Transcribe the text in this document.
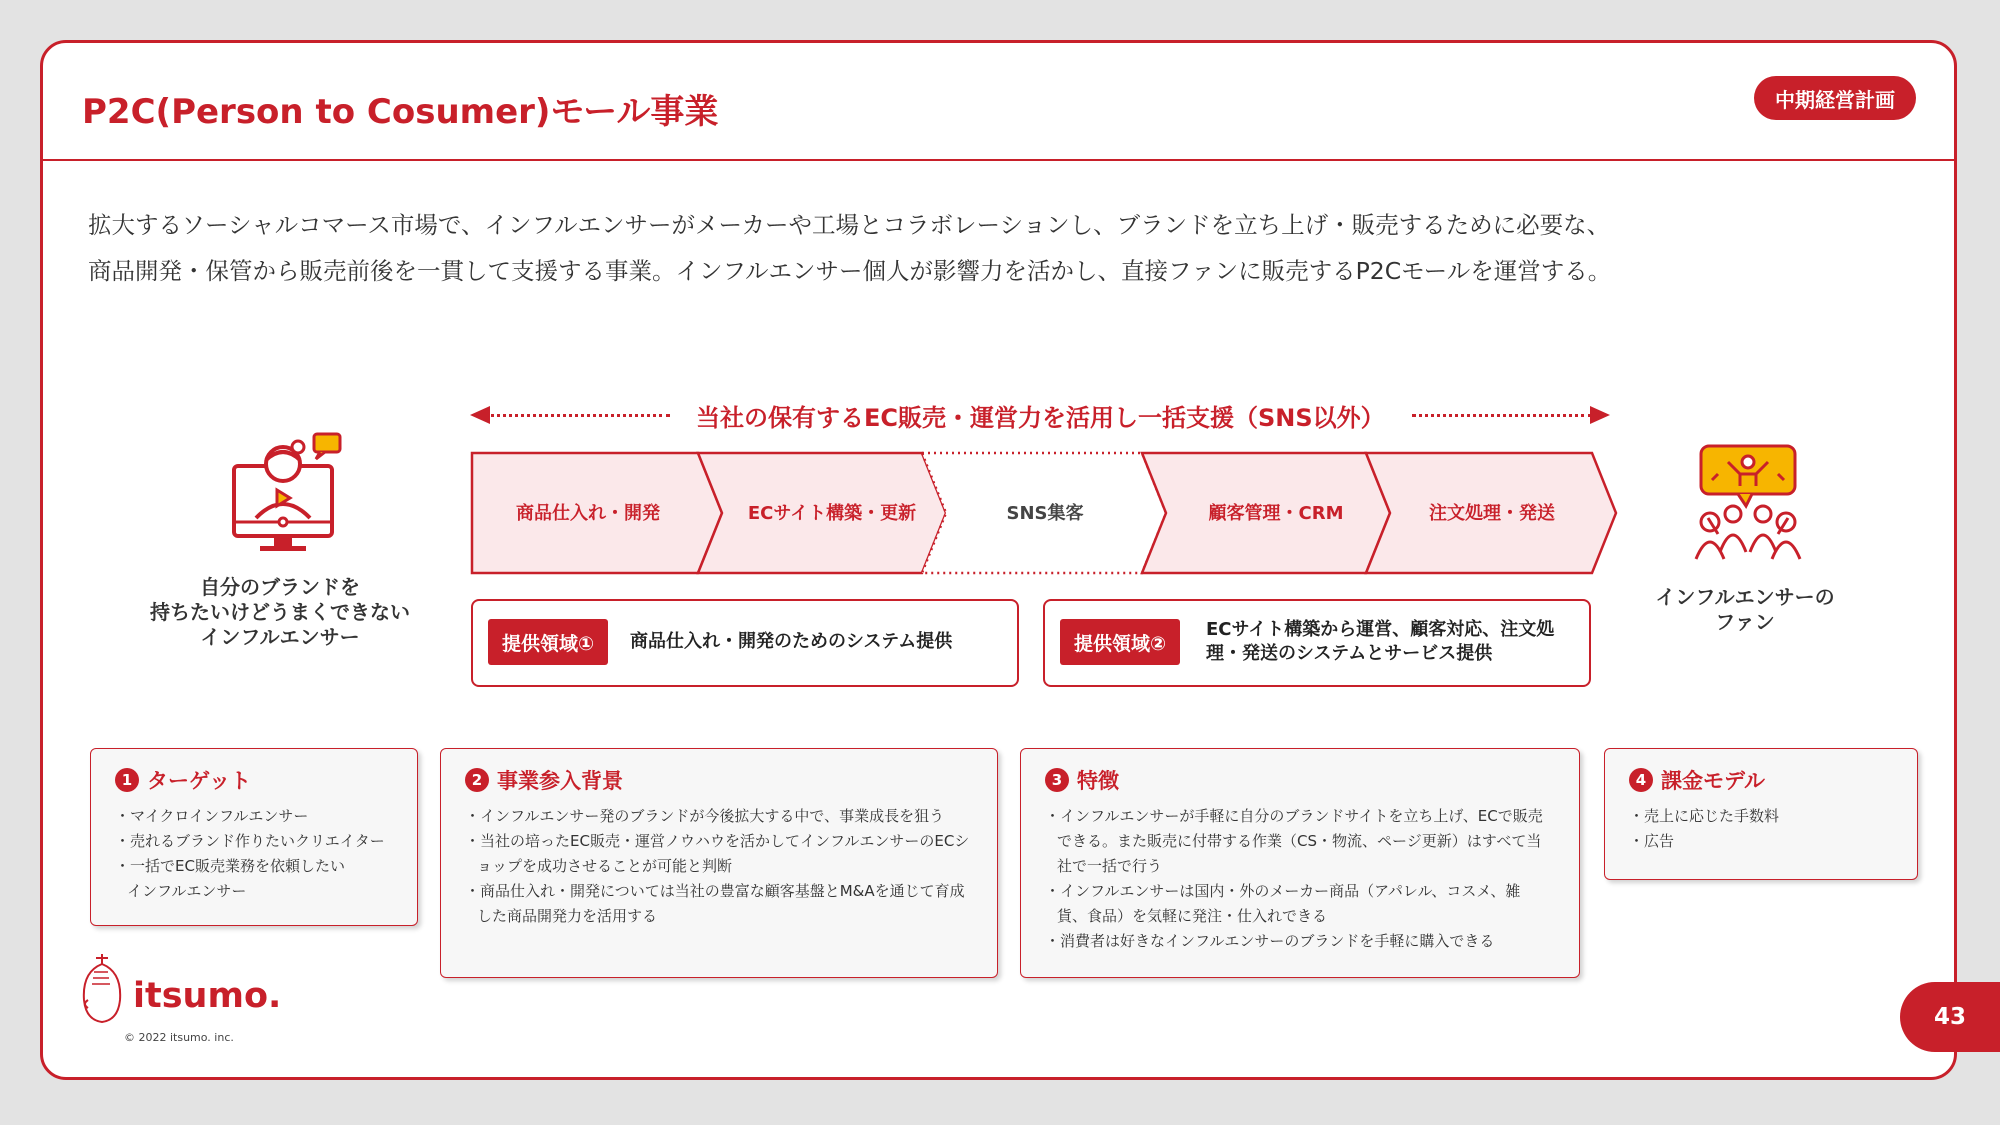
P2C(Person to Cosumer)モール事業	中期経営計画
拡大するソーシャルコマース市場で、インフルエンサーがメーカーや工場とコラボレーションし、ブランドを立ち上げ・販売するために必要な、
商品開発・保管から販売前後を一貫して支援する事業。インフルエンサー個人が影響力を活かし、直接ファンに販売するP2Cモールを運営する。
当社の保有するEC販売・運営力を活用し一括支援（SNS以外）
自分のブランドを
持ちたいけどうまくできない
インフルエンサー
商品仕入れ・開発	ECサイト構築・更新	SNS集客	顧客管理・CRM	注文処理・発送
インフルエンサーの
ファン
提供領域①	商品仕入れ・開発のためのシステム提供	提供領域②
ECサイト構築から運営、顧客対応、注文処理・発送のシステムとサービス提供
1 ターゲット
・マイクロインフルエンサー
・売れるブランド作りたいクリエイター
・一括でEC販売業務を依頼したいインフルエンサー
2 事業参入背景
・インフルエンサー発のブランドが今後拡大する中で、事業成長を狙う
・当社の培ったEC販売・運営ノウハウを活かしてインフルエンサーのECショップを成功させることが可能と判断
・商品仕入れ・開発については当社の豊富な顧客基盤とM&Aを通じて育成した商品開発力を活用する
3 特徴
・インフルエンサーが手軽に自分のブランドサイトを立ち上げ、ECで販売できる。また販売に付帯する作業（CS・物流、ページ更新）はすべて当社で一括で行う
・インフルエンサーは国内・外のメーカー商品（アパレル、コスメ、雑貨、食品）を気軽に発注・仕入れできる
・消費者は好きなインフルエンサーのブランドを手軽に購入できる
4 課金モデル
・売上に応じた手数料
・広告
itsumo.
© 2022 itsumo. inc.
43
